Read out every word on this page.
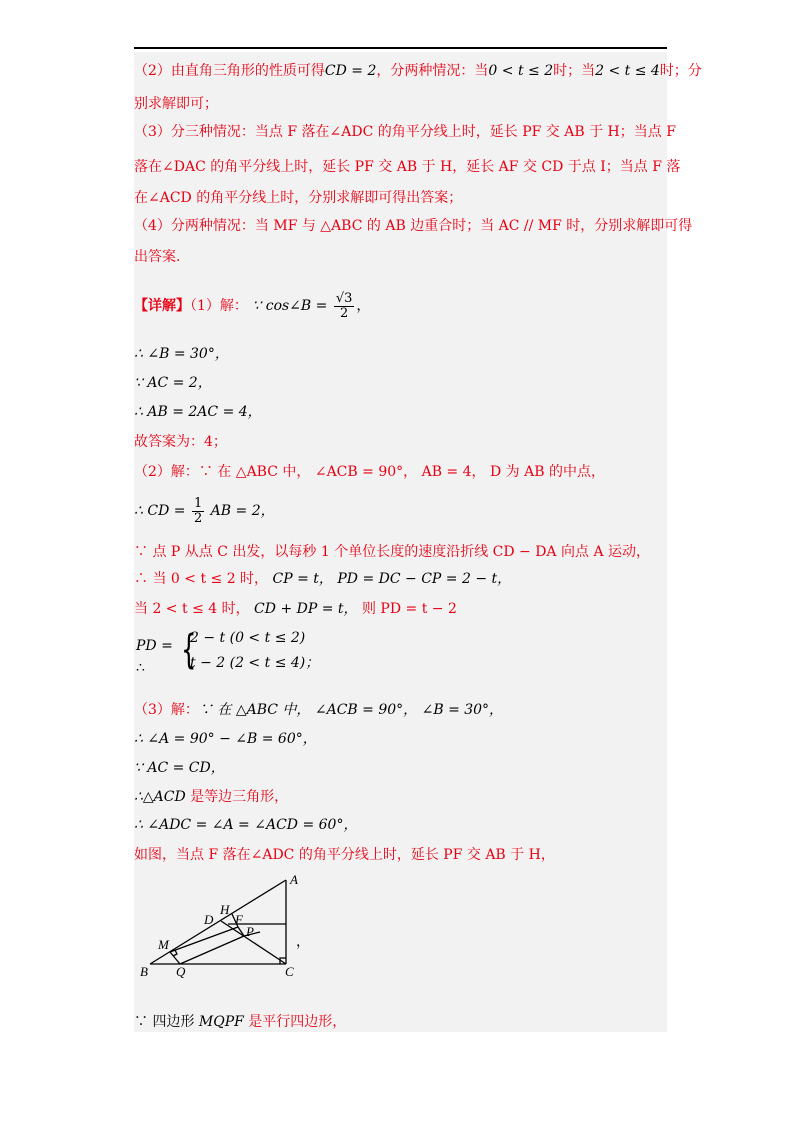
（2）由直角三角形的性质可得CD = 2，分两种情况：当0 < t ≤ 2时；当2 < t ≤ 4时；分
别求解即可；
（3）分三种情况：当点 F 落在∠ADC 的角平分线上时，延长 PF 交 AB 于 H；当点 F
落在∠DAC 的角平分线上时，延长 PF 交 AB 于 H，延长 AF 交 CD 于点 I；当点 F 落
在∠ACD 的角平分线上时，分别求解即可得出答案；
（4）分两种情况：当 MF 与 △ABC 的 AB 边重合时；当 AC // MF 时，分别求解即可得
出答案.
【详解】（1）解： ∵ cos∠B = $\frac{√3}{2}$ ，
∴ ∠B = 30°，
∵ AC = 2，
∴ AB = 2AC = 4，
故答案为：4；
（2）解：∵ 在 △ABC 中， ∠ACB = 90°， AB = 4， D 为 AB 的中点，
∴ CD = $\frac{1}{2}$ AB = 2，
∵ 点 P 从点 C 出发，以每秒 1 个单位长度的速度沿折线 CD − DA 向点 A 运动，
∴ 当 0 < t ≤ 2 时， CP = t， PD = DC − CP = 2 − t，
当 2 < t ≤ 4 时， CD + DP = t， 则 PD = t − 2
PD = {
2 − t (0 < t ≤ 2)
t − 2 (2 < t ≤ 4)；
∴
（3）解：∵ 在 △ABC 中， ∠ACB = 90°， ∠B = 30°，
∴ ∠A = 90° − ∠B = 60°，
∵ AC = CD，
∴△ACD 是等边三角形，
∴ ∠ADC = ∠A = ∠ACD = 60°，
如图，当点 F 落在∠ADC 的角平分线上时，延长 PF 交 AB 于 H，
A
B	C
D
H
F
P
M
Q
，
∵ 四边形 MQPF 是平行四边形，
